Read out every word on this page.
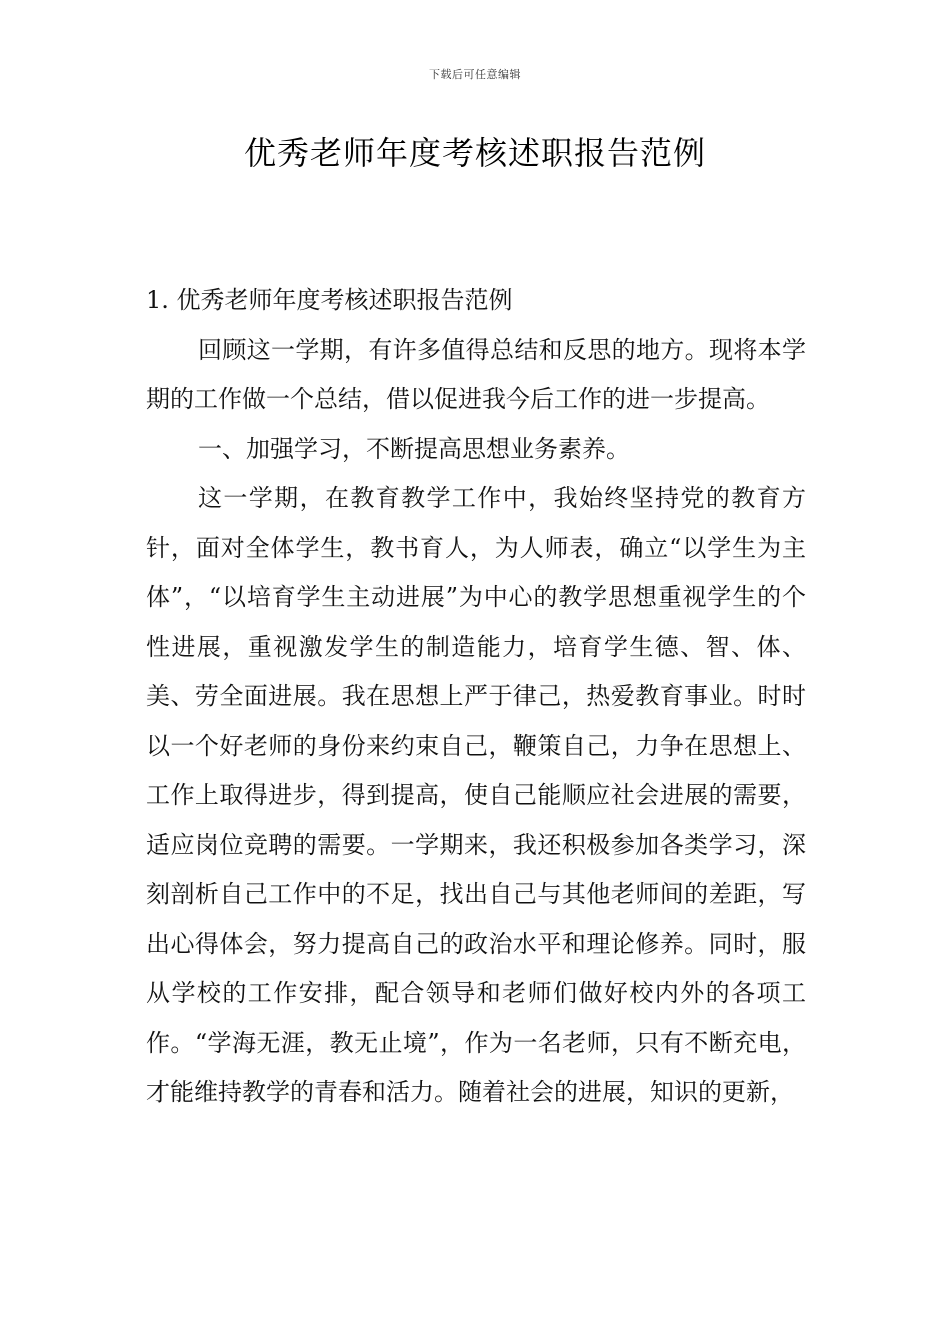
下载后可任意编辑
优秀老师年度考核述职报告范例

1. 优秀老师年度考核述职报告范例

回顾这一学期，有许多值得总结和反思的地方。现将本学期的工作做一个总结，借以促进我今后工作的进一步提高。

一、加强学习，不断提高思想业务素养。

这一学期，在教育教学工作中，我始终坚持党的教育方针，面对全体学生，教书育人，为人师表，确立“以学生为主体”，“以培育学生主动进展”为中心的教学思想重视学生的个性进展，重视激发学生的制造能力，培育学生德、智、体、美、劳全面进展。我在思想上严于律己，热爱教育事业。时时以一个好老师的身份来约束自己，鞭策自己，力争在思想上、工作上取得进步，得到提高，使自己能顺应社会进展的需要，适应岗位竞聘的需要。一学期来，我还积极参加各类学习，深刻剖析自己工作中的不足，找出自己与其他老师间的差距，写出心得体会，努力提高自己的政治水平和理论修养。同时，服从学校的工作安排，配合领导和老师们做好校内外的各项工作。“学海无涯，教无止境”，作为一名老师，只有不断充电，才能维持教学的青春和活力。随着社会的进展，知识的更新，
